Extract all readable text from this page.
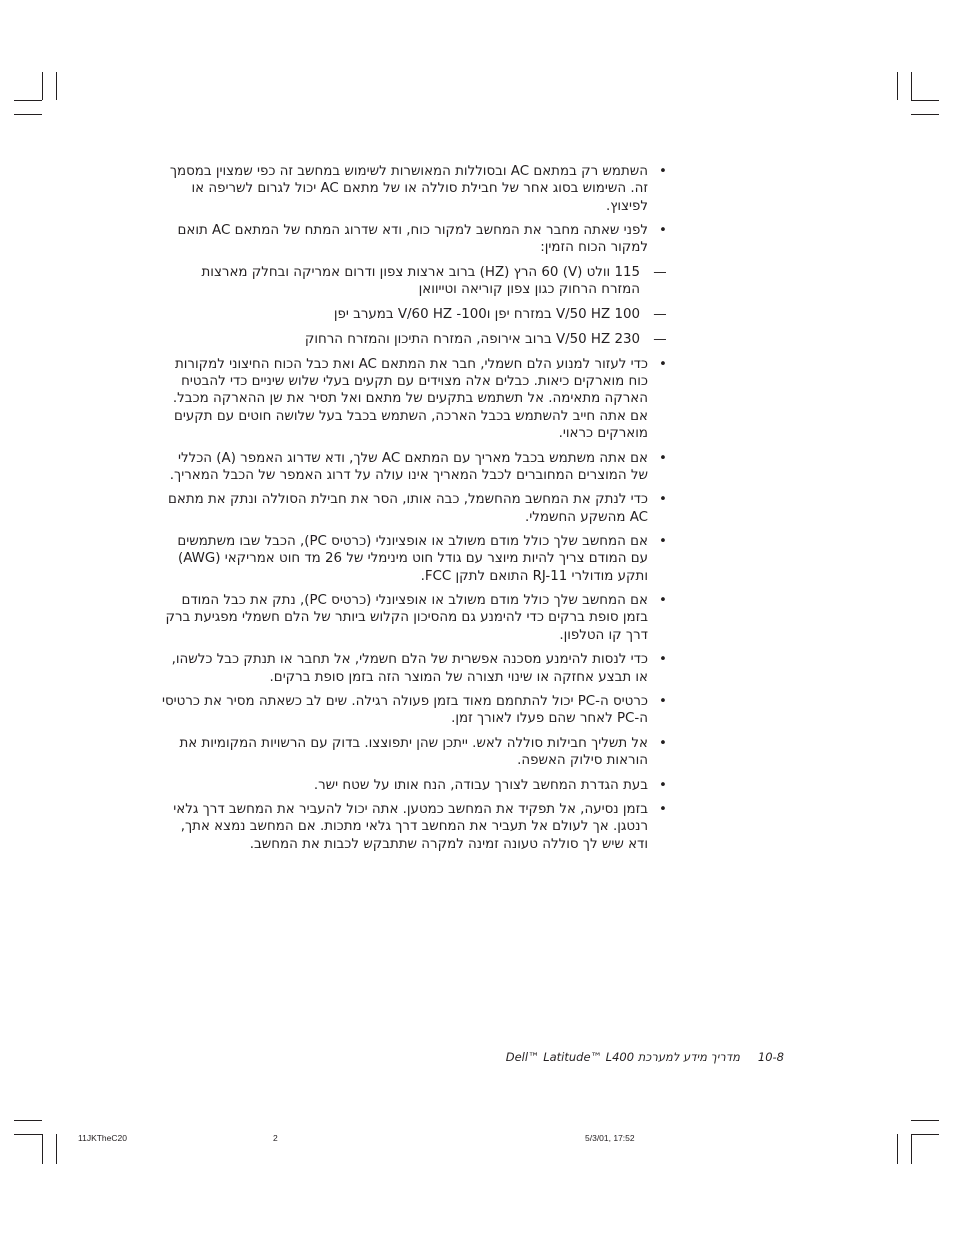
•
השתמש רק במתאם AC ובסוללות המאושרות לשימוש במחשב זה כפי שמצוין במסמך זה. השימוש בסוג אחר של חבילת סוללה או של מתאם AC יכול לגרום לשריפה או לפיצוץ.
•
לפני שאתה מחבר את המחשב למקור כוח, ודא שדרוג המתח של המתאם AC תואם למקור הכוח הזמין:
—
115 וולט (V) 60 הרץ (HZ) ברוב ארצות צפון ודרום אמריקה ובחלק מארצות המזרח הרחוק כגון צפון קוריאה וטייוואן
—
100 V/50 HZ במזרח יפן ו100- V/60 HZ במערב יפן
—
230 V/50 HZ ברוב אירופה, המזרח התיכון והמזרח הרחוק
•
כדי לעזור למנוע הלם חשמלי, חבר את המתאם AC ואת כבל הכוח החיצוני למקורות כוח מוארקים כיאות. כבלים אלה מצוידים עם תקעים בעלי שלוש שיניים כדי להבטיח הארקה מתאימה. אל תשתמש בתקעים של מתאם ואל תסיר את שן ההארקה מכבל. אם אתה חייב להשתמש בכבל הארכה, השתמש בכבל בעל שלושה חוטים עם תקעים מוארקים כראוי.
•
אם אתה משתמש בכבל מאריך עם המתאם AC שלך, ודא שדרוג האמפר (A) הכללי של המוצרים המחוברים לכבל המאריך אינו עולה על דרוג האמפר של הכבל המאריך.
•
כדי לנתק את המחשב מהחשמל, כבה אותו, הסר את חבילת הסוללה ונתק את מתאם AC מהשקע החשמלי.
•
אם המחשב שלך כולל מודם משולב או אופציונלי (כרטיס PC), הכבל שבו משתמשים עם המודם צריך להיות מיוצר עם גודל חוט מינימלי של 26 מד חוט אמריקאי (AWG) ותקע מודולרי RJ-11 התואם לתקן FCC.
•
אם המחשב שלך כולל מודם משולב או אופציונלי (כרטיס PC), נתק את כבל המודם בזמן סופת ברקים כדי להימנע גם מהסיכון הקלוש ביותר של הלם חשמלי מפגיעת ברק דרך קו הטלפון.
•
כדי לנסות להימנע מסכנה אפשרית של הלם חשמלי, אל תחבר או תנתק כבל כלשהו, או תבצע אחזקה או שינוי תצורה של המוצר הזה בזמן סופת ברקים.
•
כרטיס ה-PC יכול להתחמם מאוד בזמן פעולה רגילה. שים לב כשאתה מסיר את כרטיסי ה-PC לאחר שהם פעלו לאורך זמן.
•
אל תשליך חבילות סוללה לאש. ייתכן שהן יתפוצצו. בדוק עם הרשויות המקומיות את הוראות סילוק האשפה.
•
בעת הגדרת המחשב לצורך עבודה, הנח אותו על שטח ישר.
•
בזמן נסיעה, אל תפקיד את המחשב כמטען. אתה יכול להעביר את המחשב דרך גלאי רנטגן. אך לעולם אל תעביר את המחשב דרך גלאי מתכות. אם המחשב נמצא אתך, ודא שיש לך סוללה טעונה זמינה למקרה שתתבקש לכבות את המחשב.
10-8מדריך מידע למערכת Dell™ Latitude™ L400
11JKTheC20	2	5/3/01, 17:52
